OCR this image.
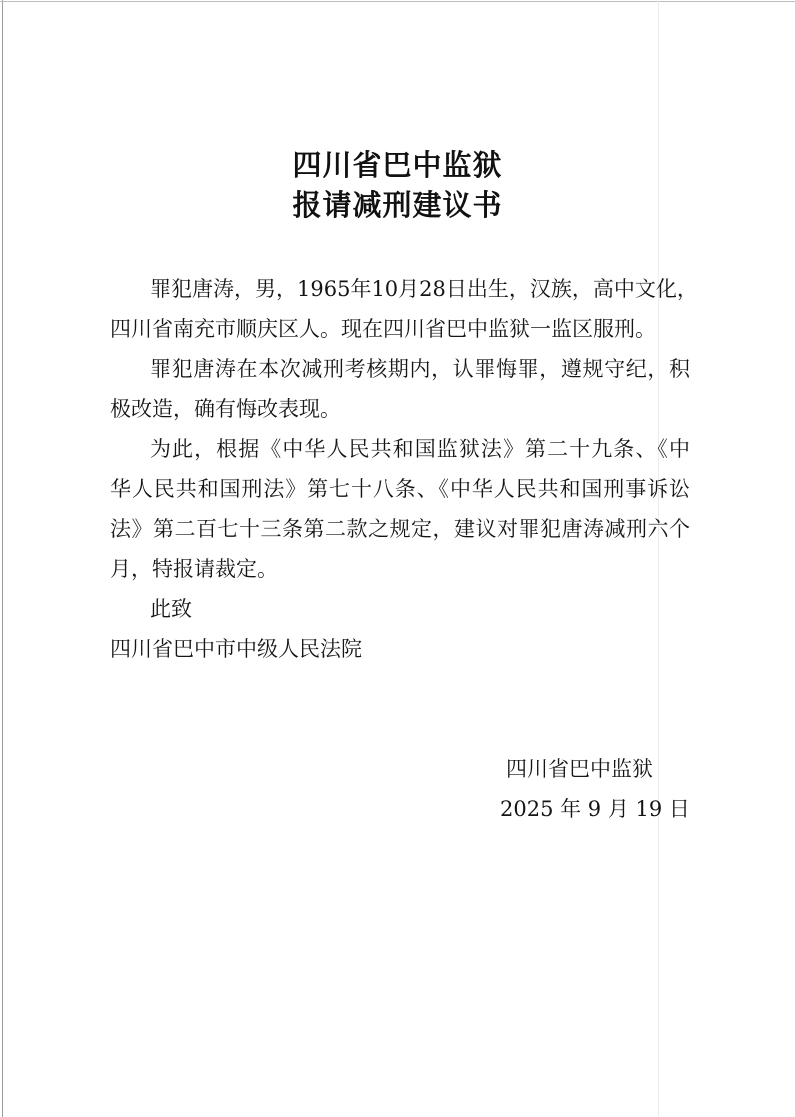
四川省巴中监狱
报请减刑建议书
罪犯唐涛，男，1965年10月28日出生，汉族，高中文化，
四川省南充市顺庆区人。现在四川省巴中监狱一监区服刑。
罪犯唐涛在本次减刑考核期内，认罪悔罪，遵规守纪，积
极改造，确有悔改表现。
为此，根据《中华人民共和国监狱法》第二十九条、《中
华人民共和国刑法》第七十八条、《中华人民共和国刑事诉讼
法》第二百七十三条第二款之规定，建议对罪犯唐涛减刑六个
月，特报请裁定。
此致
四川省巴中市中级人民法院
四川省巴中监狱
2025 年 9 月 19 日
